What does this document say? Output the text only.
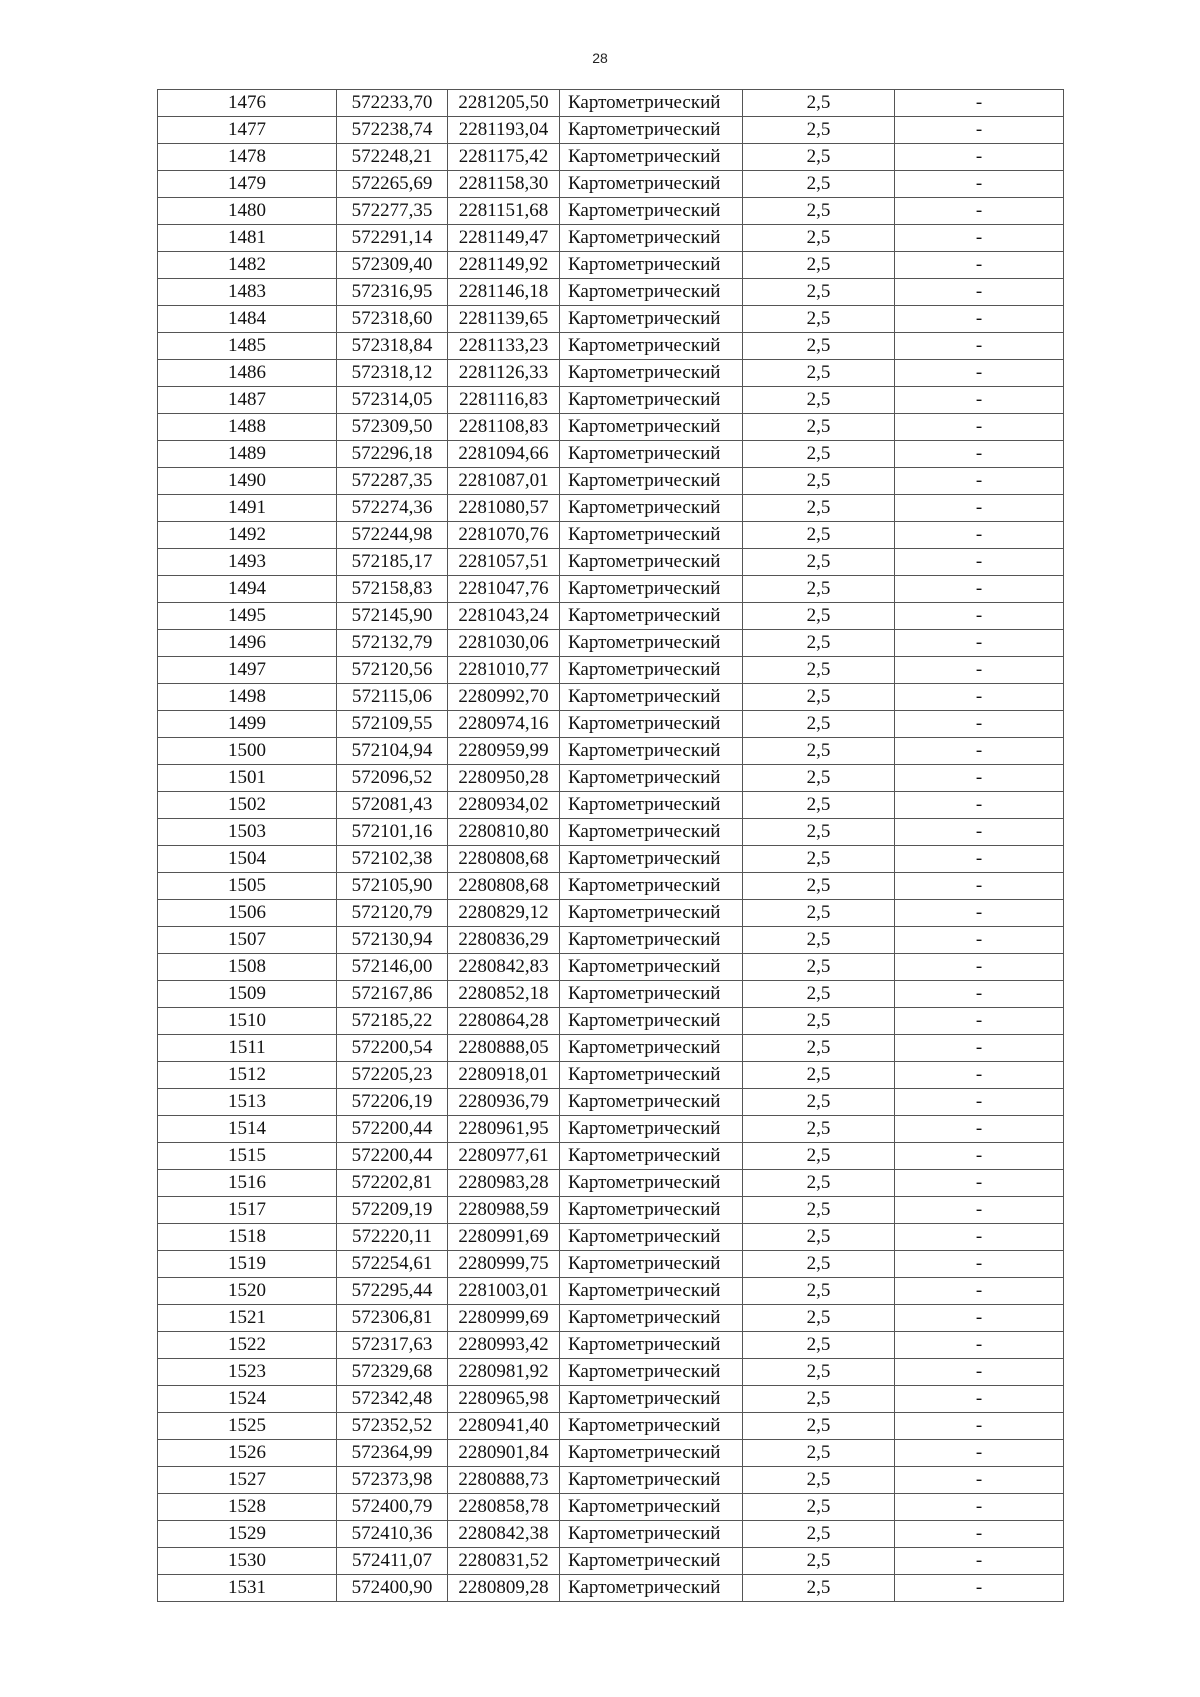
28
1476	572233,70	2281205,50	Картометрический	2,5	-
1477	572238,74	2281193,04	Картометрический	2,5	-
1478	572248,21	2281175,42	Картометрический	2,5	-
1479	572265,69	2281158,30	Картометрический	2,5	-
1480	572277,35	2281151,68	Картометрический	2,5	-
1481	572291,14	2281149,47	Картометрический	2,5	-
1482	572309,40	2281149,92	Картометрический	2,5	-
1483	572316,95	2281146,18	Картометрический	2,5	-
1484	572318,60	2281139,65	Картометрический	2,5	-
1485	572318,84	2281133,23	Картометрический	2,5	-
1486	572318,12	2281126,33	Картометрический	2,5	-
1487	572314,05	2281116,83	Картометрический	2,5	-
1488	572309,50	2281108,83	Картометрический	2,5	-
1489	572296,18	2281094,66	Картометрический	2,5	-
1490	572287,35	2281087,01	Картометрический	2,5	-
1491	572274,36	2281080,57	Картометрический	2,5	-
1492	572244,98	2281070,76	Картометрический	2,5	-
1493	572185,17	2281057,51	Картометрический	2,5	-
1494	572158,83	2281047,76	Картометрический	2,5	-
1495	572145,90	2281043,24	Картометрический	2,5	-
1496	572132,79	2281030,06	Картометрический	2,5	-
1497	572120,56	2281010,77	Картометрический	2,5	-
1498	572115,06	2280992,70	Картометрический	2,5	-
1499	572109,55	2280974,16	Картометрический	2,5	-
1500	572104,94	2280959,99	Картометрический	2,5	-
1501	572096,52	2280950,28	Картометрический	2,5	-
1502	572081,43	2280934,02	Картометрический	2,5	-
1503	572101,16	2280810,80	Картометрический	2,5	-
1504	572102,38	2280808,68	Картометрический	2,5	-
1505	572105,90	2280808,68	Картометрический	2,5	-
1506	572120,79	2280829,12	Картометрический	2,5	-
1507	572130,94	2280836,29	Картометрический	2,5	-
1508	572146,00	2280842,83	Картометрический	2,5	-
1509	572167,86	2280852,18	Картометрический	2,5	-
1510	572185,22	2280864,28	Картометрический	2,5	-
1511	572200,54	2280888,05	Картометрический	2,5	-
1512	572205,23	2280918,01	Картометрический	2,5	-
1513	572206,19	2280936,79	Картометрический	2,5	-
1514	572200,44	2280961,95	Картометрический	2,5	-
1515	572200,44	2280977,61	Картометрический	2,5	-
1516	572202,81	2280983,28	Картометрический	2,5	-
1517	572209,19	2280988,59	Картометрический	2,5	-
1518	572220,11	2280991,69	Картометрический	2,5	-
1519	572254,61	2280999,75	Картометрический	2,5	-
1520	572295,44	2281003,01	Картометрический	2,5	-
1521	572306,81	2280999,69	Картометрический	2,5	-
1522	572317,63	2280993,42	Картометрический	2,5	-
1523	572329,68	2280981,92	Картометрический	2,5	-
1524	572342,48	2280965,98	Картометрический	2,5	-
1525	572352,52	2280941,40	Картометрический	2,5	-
1526	572364,99	2280901,84	Картометрический	2,5	-
1527	572373,98	2280888,73	Картометрический	2,5	-
1528	572400,79	2280858,78	Картометрический	2,5	-
1529	572410,36	2280842,38	Картометрический	2,5	-
1530	572411,07	2280831,52	Картометрический	2,5	-
1531	572400,90	2280809,28	Картометрический	2,5	-
